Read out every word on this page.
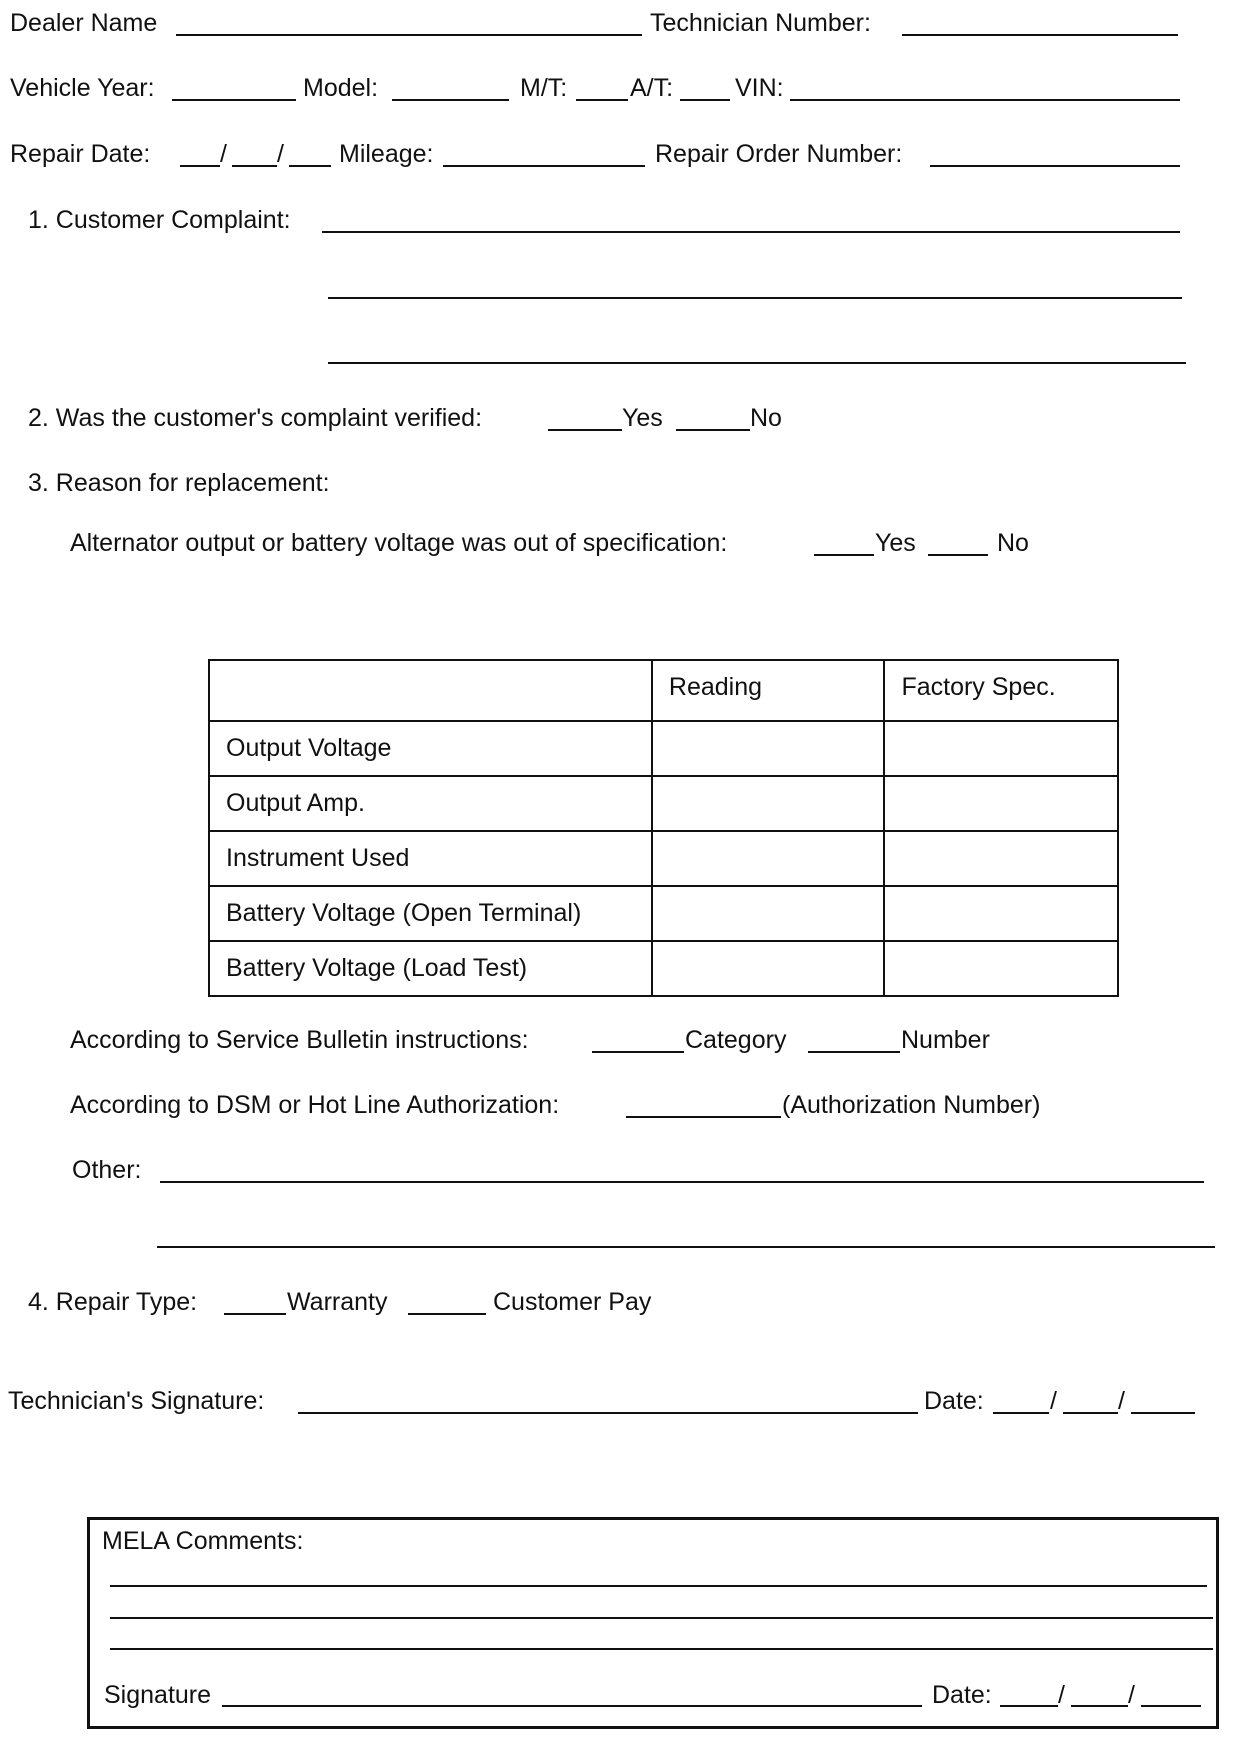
Dealer Name	Technician Number:
Vehicle Year:	Model:	M/T:	A/T: VIN:
Repair Date:	/ / Mileage:	Repair Order Number:
1. Customer Complaint:
2. Was the customer's complaint verified:	Yes	No
3. Reason for replacement:
Alternator output or battery voltage was out of specification:	Yes	No
	Reading	Factory Spec.
Output Voltage		
Output Amp.		
Instrument Used		
Battery Voltage (Open Terminal)		
Battery Voltage (Load Test)		
According to Service Bulletin instructions:	Category	Number
According to DSM or Hot Line Authorization:	(Authorization Number)
Other:
4. Repair Type:	Warranty	Customer Pay
Technician's Signature:	Date:	/ /
MELA Comments:
Signature	Date:	/	/
